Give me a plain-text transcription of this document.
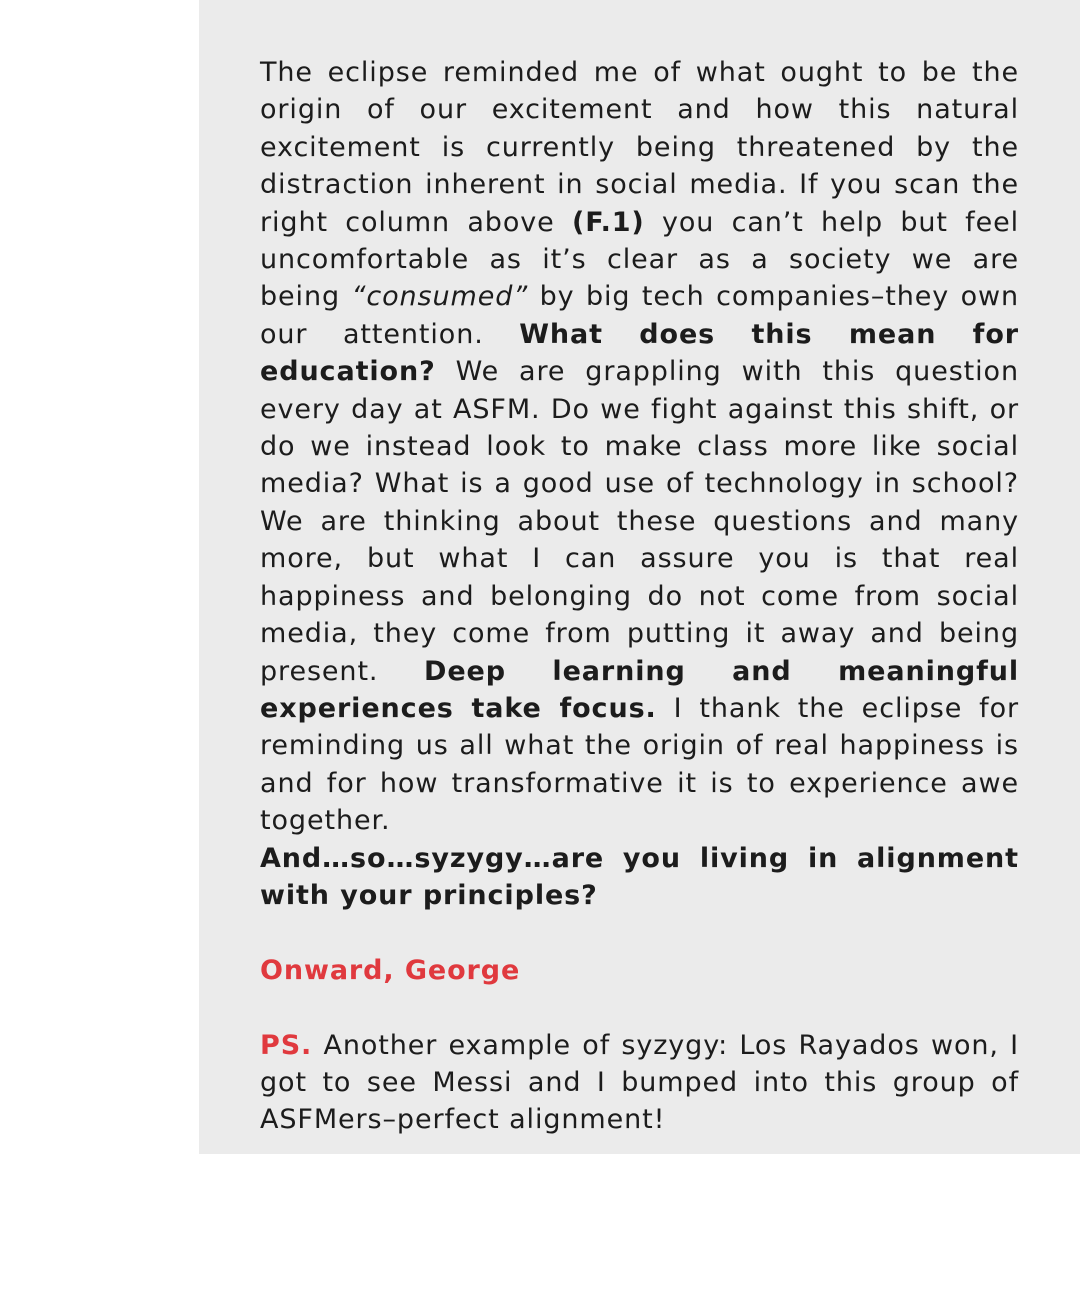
The eclipse reminded me of what ought to be the origin of our excitement and how this natural excitement is currently being threatened by the distraction inherent in social media. If you scan the right column above (F.1) you can’t help but feel uncomfortable as it’s clear as a society we are being “consumed” by big tech companies–they own our attention. What does this mean for education? We are grappling with this question every day at ASFM. Do we fight against this shift, or do we instead look to make class more like social media? What is a good use of technology in school? We are thinking about these questions and many more, but what I can assure you is that real happiness and belonging do not come from social media, they come from putting it away and being present. Deep learning and meaningful experiences take focus. I thank the eclipse for reminding us all what the origin of real happiness is and for how transformative it is to experience awe together.

And…so…syzygy…are you living in alignment with your principles?

Onward, George

PS. Another example of syzygy: Los Rayados won, I got to see Messi and I bumped into this group of ASFMers–perfect alignment!
